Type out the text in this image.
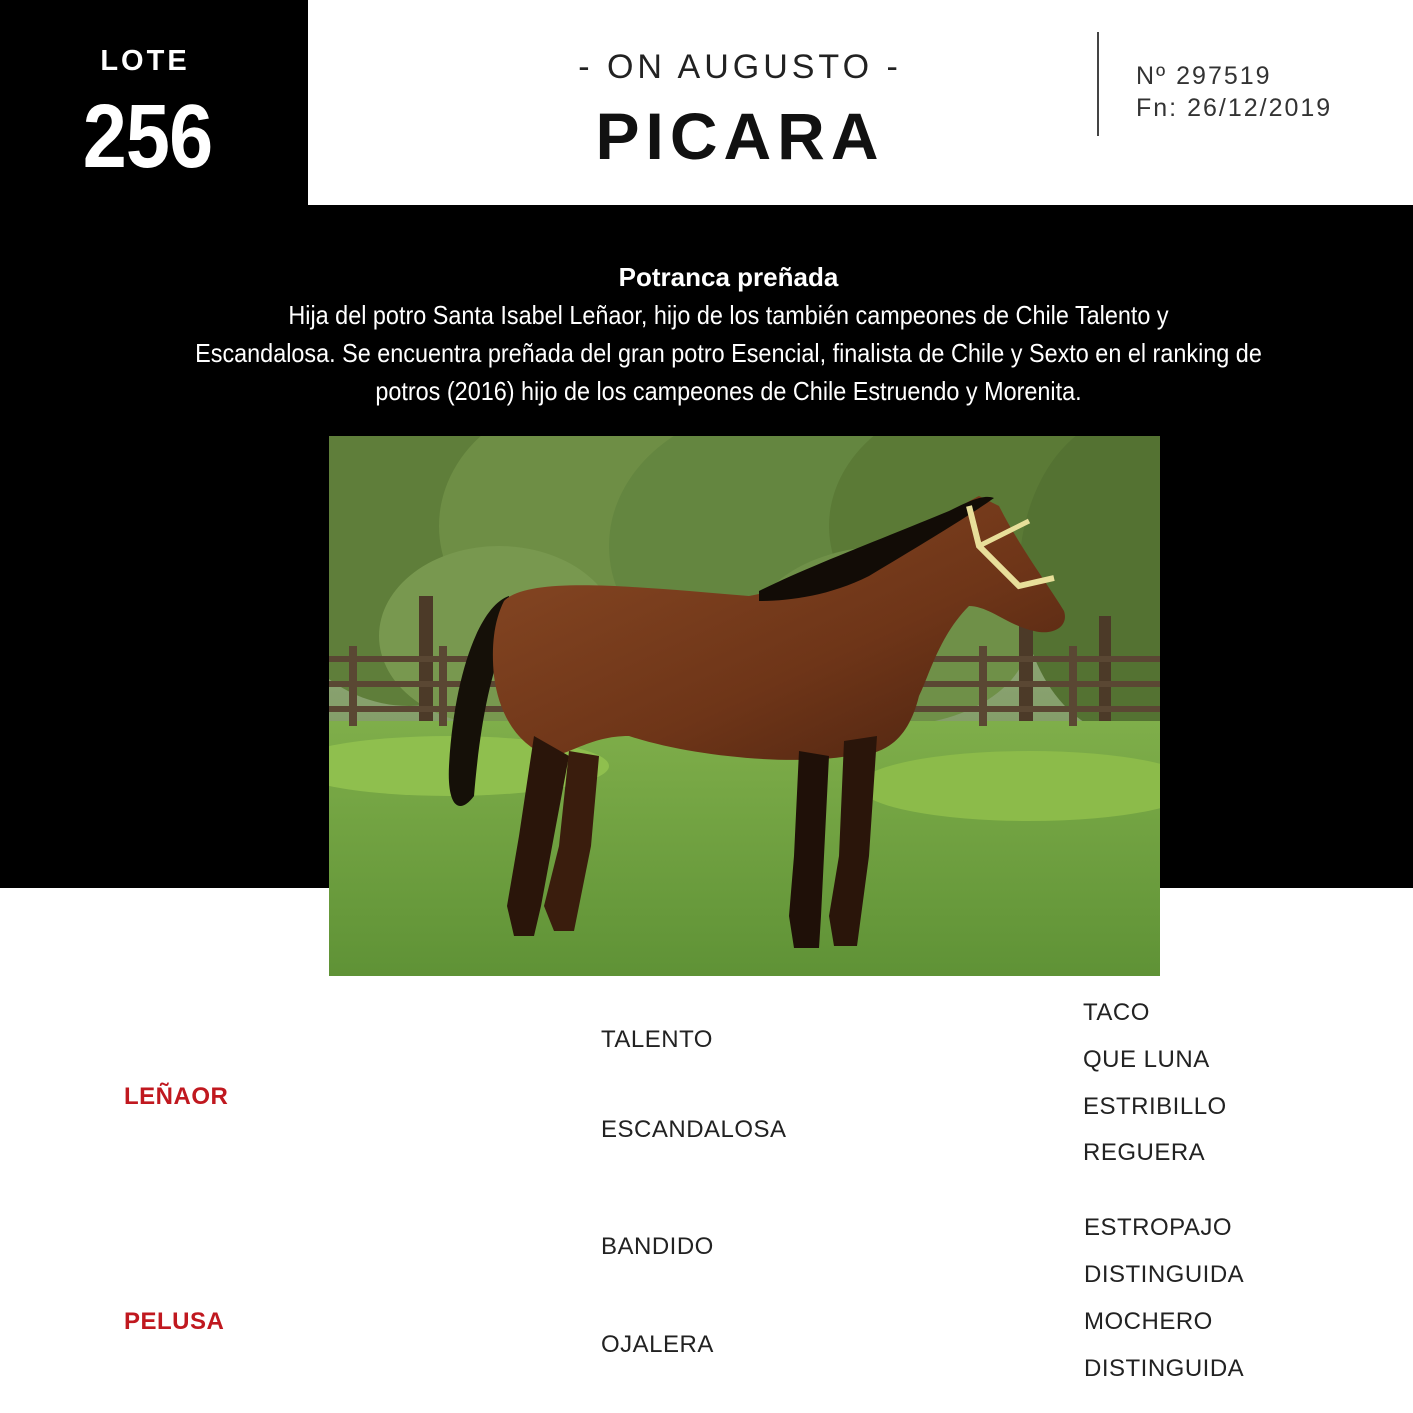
LOTE
256
- ON AUGUSTO -
PICARA
Nº 297519
Fn: 26/12/2019
Potranca preñada
Hija del potro Santa Isabel Leñaor, hijo de los también campeones de Chile Talento y
Escandalosa. Se encuentra preñada del gran potro Esencial, finalista de Chile y Sexto en el ranking de
potros (2016) hijo de los campeones de Chile Estruendo y Morenita.
LEÑAOR
TALENTO
ESCANDALOSA
TACO
QUE LUNA
ESTRIBILLO
REGUERA
PELUSA
BANDIDO
OJALERA
ESTROPAJO
DISTINGUIDA
MOCHERO
DISTINGUIDA
